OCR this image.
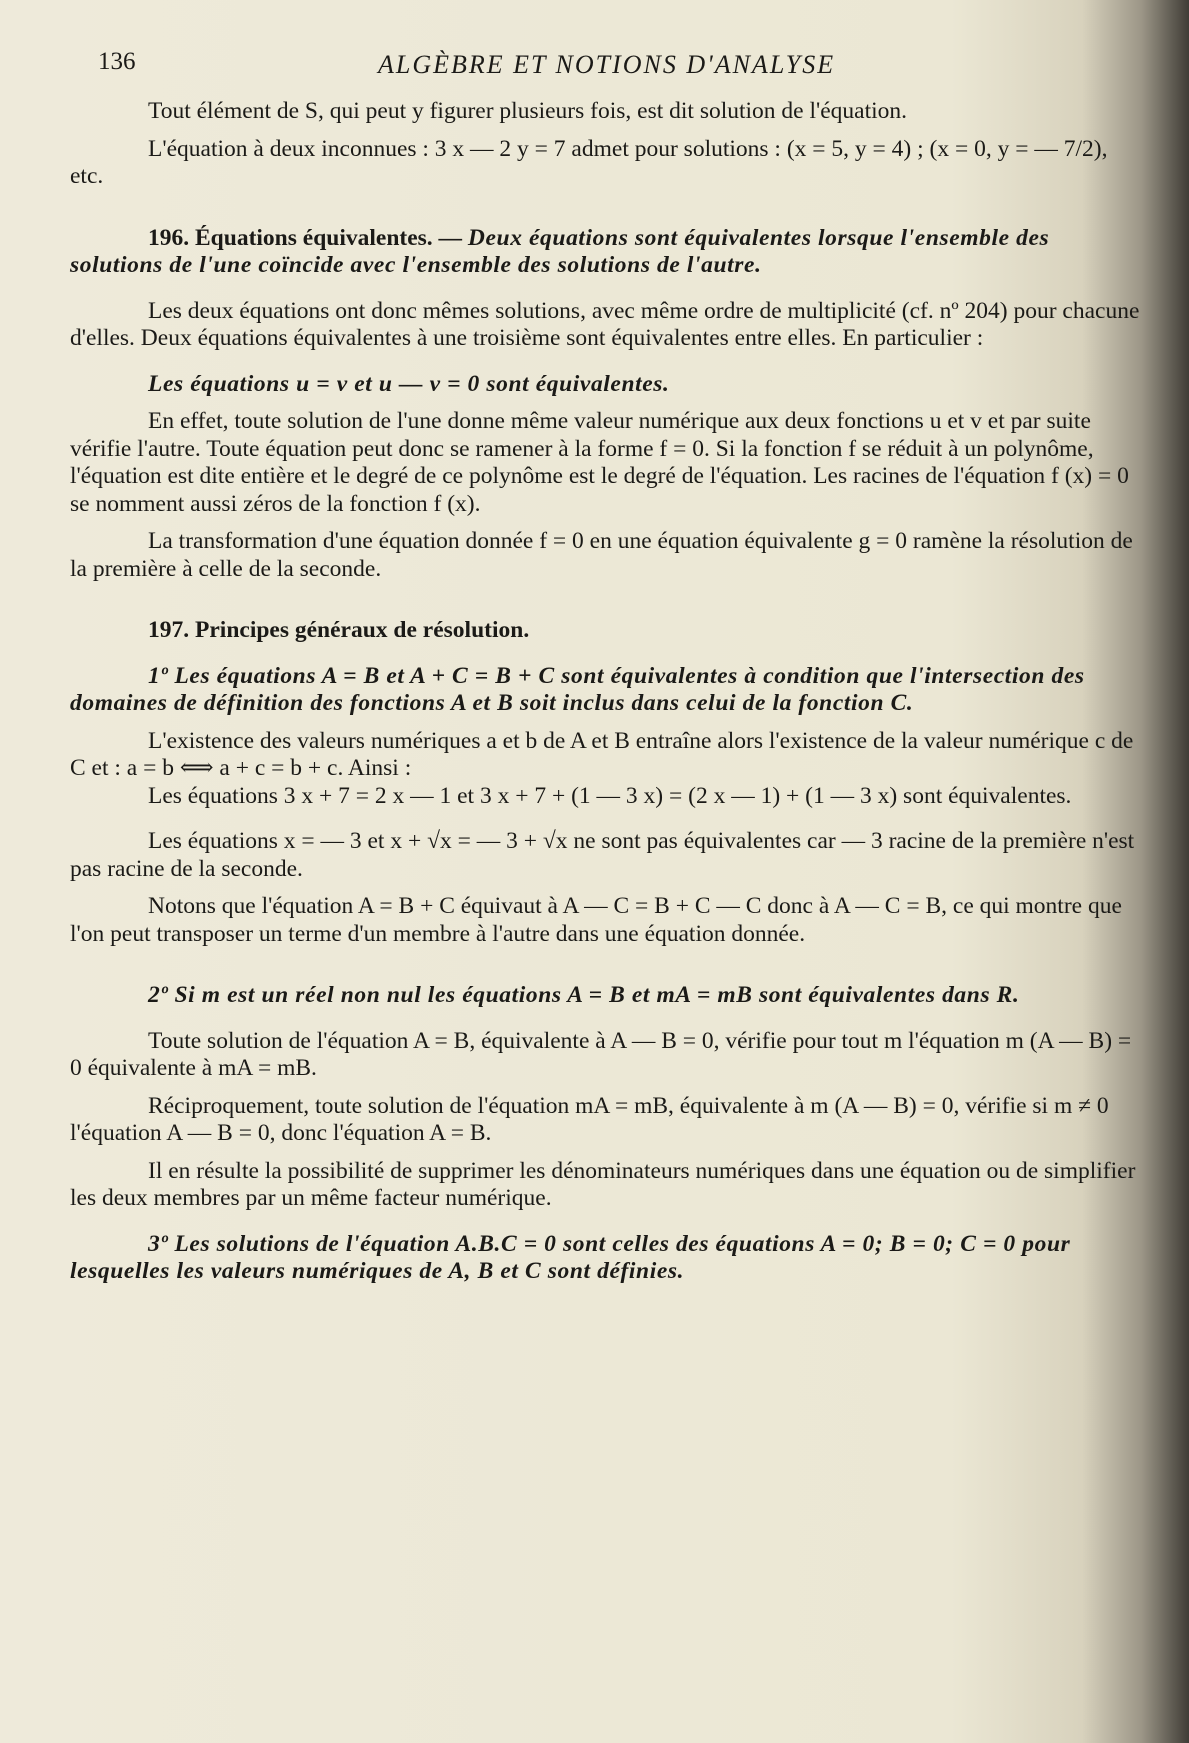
136	ALGÈBRE ET NOTIONS D'ANALYSE

Tout élément de S, qui peut y figurer plusieurs fois, est dit solution de l'équation.

L'équation à deux inconnues : 3 x — 2 y = 7 admet pour solutions : (x = 5, y = 4) ; (x = 0, y = — 7/2), etc.

196. Équations équivalentes. — Deux équations sont équivalentes lorsque l'ensemble des solutions de l'une coïncide avec l'ensemble des solutions de l'autre.

Les deux équations ont donc mêmes solutions, avec même ordre de multiplicité (cf. nº 204) pour chacune d'elles. Deux équations équivalentes à une troisième sont équivalentes entre elles. En particulier :

Les équations u = v et u — v = 0 sont équivalentes.

En effet, toute solution de l'une donne même valeur numérique aux deux fonctions u et v et par suite vérifie l'autre. Toute équation peut donc se ramener à la forme f = 0. Si la fonction f se réduit à un polynôme, l'équation est dite entière et le degré de ce polynôme est le degré de l'équation. Les racines de l'équation f (x) = 0 se nomment aussi zéros de la fonction f (x).

La transformation d'une équation donnée f = 0 en une équation équivalente g = 0 ramène la résolution de la première à celle de la seconde.

197. Principes généraux de résolution.

1º Les équations A = B et A + C = B + C sont équivalentes à condition que l'intersection des domaines de définition des fonctions A et B soit inclus dans celui de la fonction C.

L'existence des valeurs numériques a et b de A et B entraîne alors l'existence de la valeur numérique c de C et : a = b ⟺ a + c = b + c. Ainsi :

Les équations 3 x + 7 = 2 x — 1 et 3 x + 7 + (1 — 3 x) = (2 x — 1) + (1 — 3 x) sont équivalentes.

Les équations x = — 3 et x + √x = — 3 + √x ne sont pas équivalentes car — 3 racine de la première n'est pas racine de la seconde.

Notons que l'équation A = B + C équivaut à A — C = B + C — C donc à A — C = B, ce qui montre que l'on peut transposer un terme d'un membre à l'autre dans une équation donnée.

2º Si m est un réel non nul les équations A = B et mA = mB sont équivalentes dans R.

Toute solution de l'équation A = B, équivalente à A — B = 0, vérifie pour tout m l'équation m (A — B) = 0 équivalente à mA = mB.

Réciproquement, toute solution de l'équation mA = mB, équivalente à m (A — B) = 0, vérifie si m ≠ 0 l'équation A — B = 0, donc l'équation A = B.

Il en résulte la possibilité de supprimer les dénominateurs numériques dans une équation ou de simplifier les deux membres par un même facteur numérique.

3º Les solutions de l'équation A.B.C = 0 sont celles des équations A = 0; B = 0; C = 0 pour lesquelles les valeurs numériques de A, B et C sont définies.
